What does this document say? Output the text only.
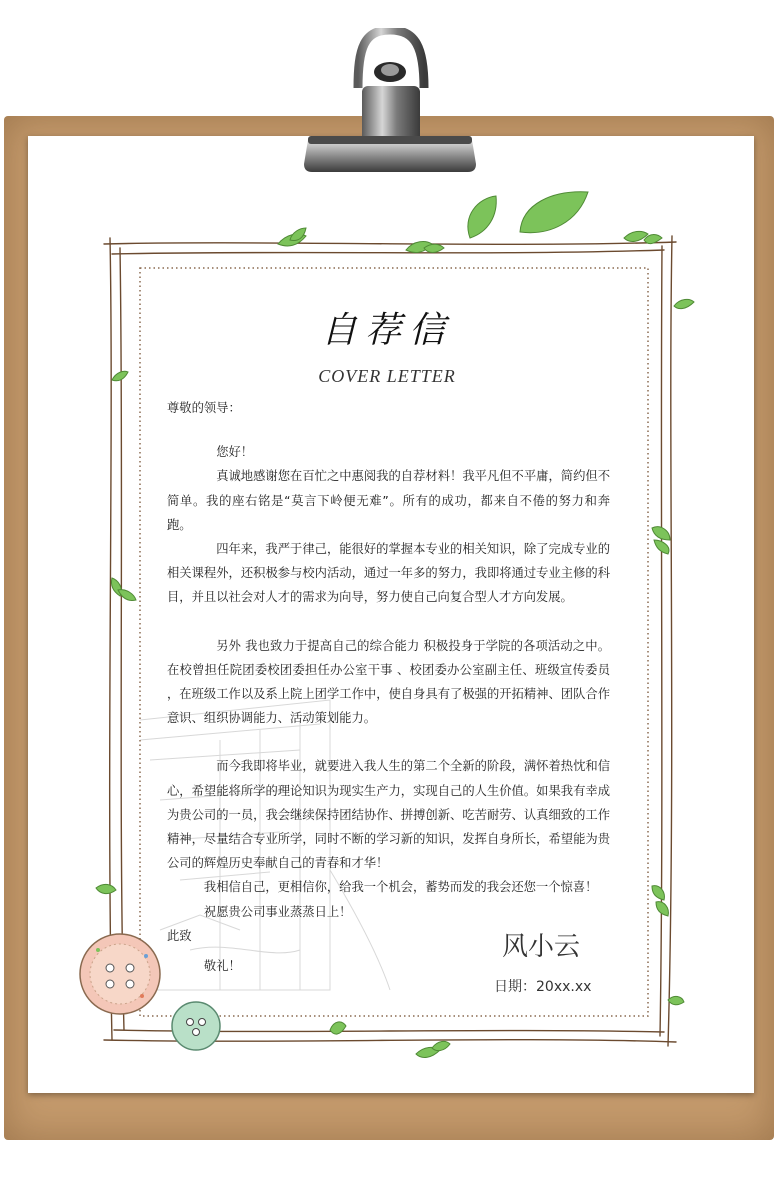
自荐信
COVER LETTER

尊敬的领导：

您好！

真诚地感谢您在百忙之中惠阅我的自荐材料！我平凡但不平庸，简约但不简单。我的座右铭是“莫言下岭便无难”。所有的成功，都来自不倦的努力和奔跑。

四年来，我严于律己，能很好的掌握本专业的相关知识，除了完成专业的相关课程外，还积极参与校内活动，通过一年多的努力，我即将通过专业主修的科目，并且以社会对人才的需求为向导，努力使自己向复合型人才方向发展。

另外 我也致力于提高自己的综合能力 积极投身于学院的各项活动之中。在校曾担任院团委校团委担任办公室干事 、校团委办公室副主任、班级宣传委员 ，在班级工作以及系上院上团学工作中，使自身具有了极强的开拓精神、团队合作意识、组织协调能力、活动策划能力。

而今我即将毕业，就要进入我人生的第二个全新的阶段，满怀着热忱和信心，希望能将所学的理论知识为现实生产力，实现自己的人生价值。如果我有幸成为贵公司的一员，我会继续保持团结协作、拼搏创新、吃苦耐劳、认真细致的工作精神，尽量结合专业所学，同时不断的学习新的知识，发挥自身所长，希望能为贵公司的辉煌历史奉献自己的青春和才华！

我相信自己，更相信你，给我一个机会，蓄势而发的我会还您一个惊喜！

祝愿贵公司事业蒸蒸日上！

此致

敬礼！

风小云
日期：20xx.xx
